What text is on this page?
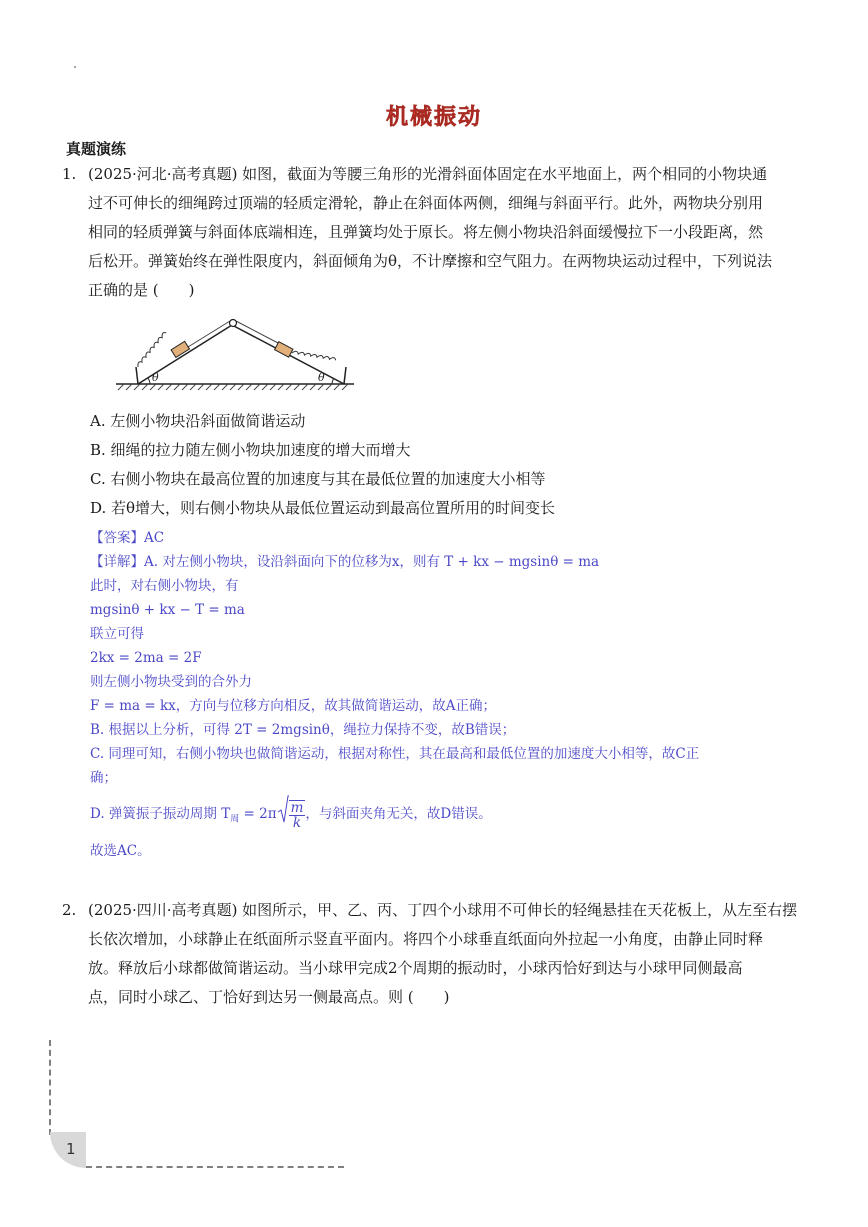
机械振动
真题演练
1. (2025·河北·高考真题) 如图，截面为等腰三角形的光滑斜面体固定在水平地面上，两个相同的小物块通
过不可伸长的细绳跨过顶端的轻质定滑轮，静止在斜面体两侧，细绳与斜面平行。此外，两物块分别用
相同的轻质弹簧与斜面体底端相连，且弹簧均处于原长。将左侧小物块沿斜面缓慢拉下一小段距离，然
后松开。弹簧始终在弹性限度内，斜面倾角为θ，不计摩擦和空气阻力。在两物块运动过程中，下列说法
正确的是 (　　)
θ	θ
A. 左侧小物块沿斜面做简谐运动
B. 细绳的拉力随左侧小物块加速度的增大而增大
C. 右侧小物块在最高位置的加速度与其在最低位置的加速度大小相等
D. 若θ增大，则右侧小物块从最低位置运动到最高位置所用的时间变长
【答案】AC
【详解】A. 对左侧小物块，设沿斜面向下的位移为x，则有 T + kx − mgsinθ = ma
此时，对右侧小物块，有
mgsinθ + kx − T = ma
联立可得
2kx = 2ma = 2F
则左侧小物块受到的合外力
F = ma = kx，方向与位移方向相反，故其做简谐运动，故A正确；
B. 根据以上分析，可得 2T = 2mgsinθ，绳拉力保持不变，故B错误；
C. 同理可知，右侧小物块也做简谐运动，根据对称性，其在最高和最低位置的加速度大小相等，故C正
确；
D. 弹簧振子振动周期 $T_周 = 2\pi \frac{m}{k}$，与斜面夹角无关，故D错误。
故选AC。
2. (2025·四川·高考真题) 如图所示，甲、乙、丙、丁四个小球用不可伸长的轻绳悬挂在天花板上，从左至右摆
长依次增加，小球静止在纸面所示竖直平面内。将四个小球垂直纸面向外拉起一小角度，由静止同时释
放。释放后小球都做简谐运动。当小球甲完成2个周期的振动时，小球丙恰好到达与小球甲同侧最高
点，同时小球乙、丁恰好到达另一侧最高点。则 (　　)
1
